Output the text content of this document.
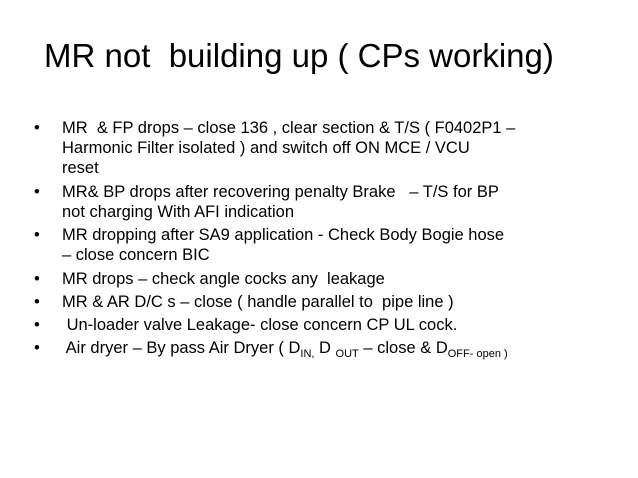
MR not  building up ( CPs working)
• MR  & FP drops – close 136 , clear section & T/S ( F0402P1 –
Harmonic Filter isolated ) and switch off ON MCE / VCU
reset
• MR& BP drops after recovering penalty Brake   – T/S for BP
not charging With AFI indication
• MR dropping after SA9 application - Check Body Bogie hose
– close concern BIC
• MR drops – check angle cocks any  leakage
• MR & AR D/C s – close ( handle parallel to  pipe line )
• Un-loader valve Leakage- close concern CP UL cock.
• Air dryer – By pass Air Dryer ( $D_{IN,}$ D $_{OUT}$ – close & $D_{OFF- open )}$
